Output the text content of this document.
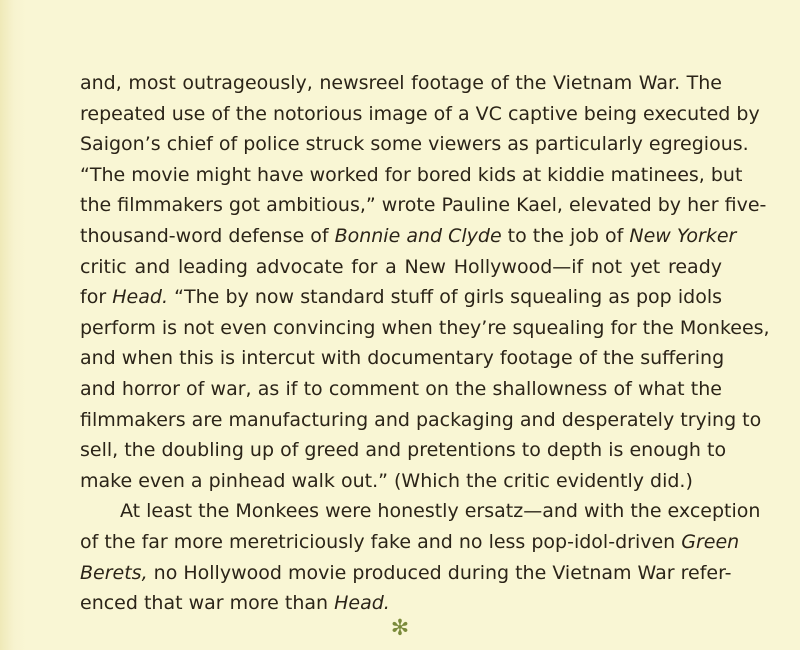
and, most outrageously, newsreel footage of the Vietnam War. The
repeated use of the notorious image of a VC captive being executed by
Saigon’s chief of police struck some viewers as particularly egregious.
“The movie might have worked for bored kids at kiddie matinees, but
the filmmakers got ambitious,” wrote Pauline Kael, elevated by her five-
thousand-word defense of Bonnie and Clyde to the job of New Yorker
critic and leading advocate for a New Hollywood—if not yet ready
for Head. “The by now standard stuff of girls squealing as pop idols
perform is not even convincing when they’re squealing for the Monkees,
and when this is intercut with documentary footage of the suffering
and horror of war, as if to comment on the shallowness of what the
filmmakers are manufacturing and packaging and desperately trying to
sell, the doubling up of greed and pretentions to depth is enough to
make even a pinhead walk out.” (Which the critic evidently did.)
At least the Monkees were honestly ersatz—and with the exception
of the far more meretriciously fake and no less pop-idol-driven Green
Berets, no Hollywood movie produced during the Vietnam War refer-
enced that war more than Head.
✻
